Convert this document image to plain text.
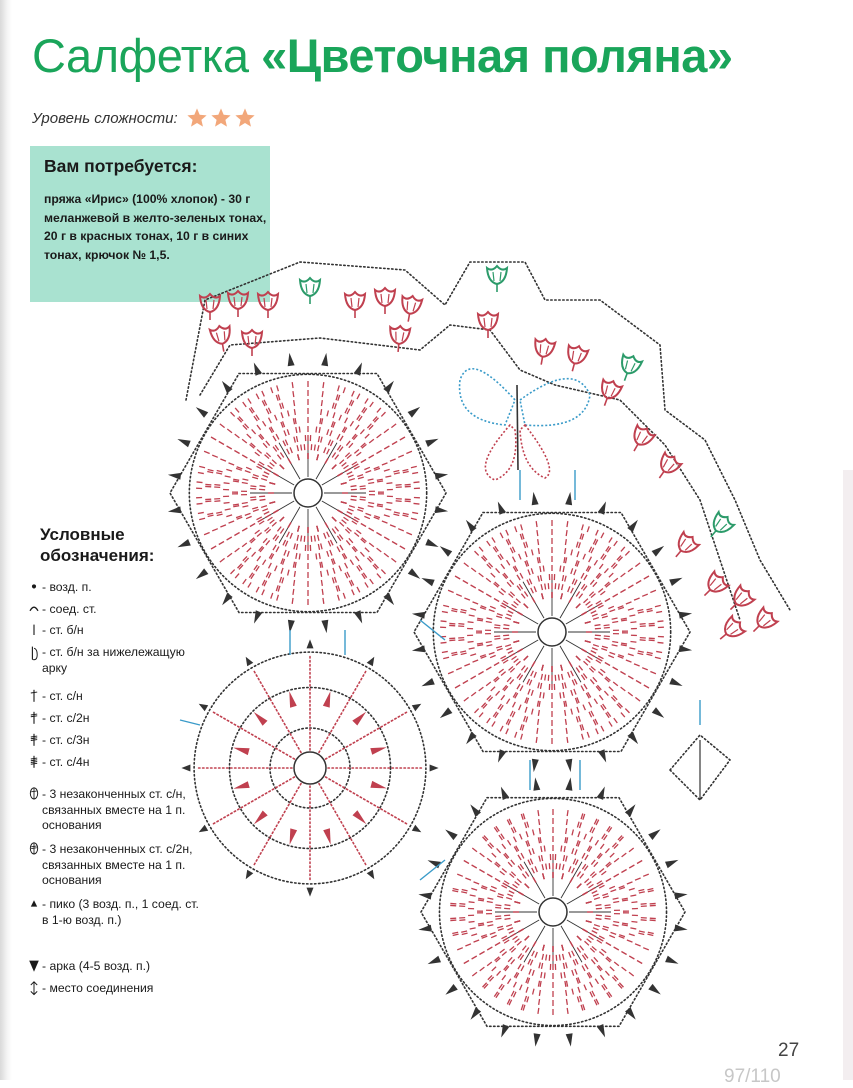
Салфетка «Цветочная поляна»
Уровень сложности:
Вам потребуется:
пряжа «Ирис» (100% хлопок) - 30 г меланжевой в желто-зеленых тонах, 20 г в красных тонах, 10 г в синих тонах, крючок № 1,5.
Условные обозначения:
- возд. п.
- соед. ст.
- ст. б/н
- ст. б/н за нижележащую арку
- ст. с/н
- ст. с/2н
- ст. с/3н
- ст. с/4н
- 3 незаконченных ст. с/н, связанных вместе на 1 п. основания
- 3 незаконченных ст. с/2н, связанных вместе на 1 п. основания
- пико (3 возд. п., 1 соед. ст. в 1-ю возд. п.)
- арка (4-5 возд. п.)
- место соединения
27
97/110
